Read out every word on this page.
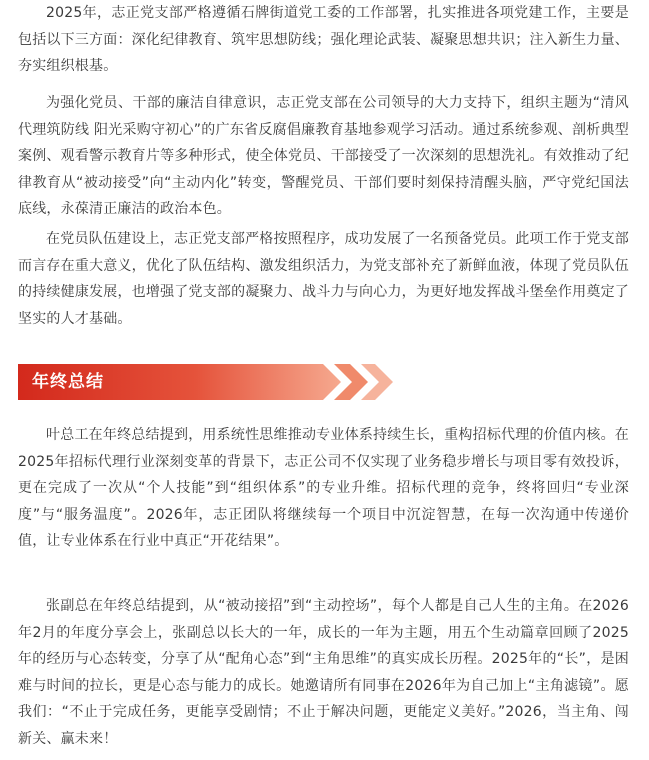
2025年，志正党支部严格遵循石牌街道党工委的工作部署，扎实推进各项党建工作，主要是包括以下三方面：深化纪律教育、筑牢思想防线；强化理论武装、凝聚思想共识；注入新生力量、夯实组织根基。

为强化党员、干部的廉洁自律意识，志正党支部在公司领导的大力支持下，组织主题为“清风代理筑防线 阳光采购守初心”的广东省反腐倡廉教育基地参观学习活动。通过系统参观、剖析典型案例、观看警示教育片等多种形式，使全体党员、干部接受了一次深刻的思想洗礼。有效推动了纪律教育从“被动接受”向“主动内化”转变，警醒党员、干部们要时刻保持清醒头脑，严守党纪国法底线，永葆清正廉洁的政治本色。

在党员队伍建设上，志正党支部严格按照程序，成功发展了一名预备党员。此项工作于党支部而言存在重大意义，优化了队伍结构、激发组织活力，为党支部补充了新鲜血液，体现了党员队伍的持续健康发展，也增强了党支部的凝聚力、战斗力与向心力，为更好地发挥战斗堡垒作用奠定了坚实的人才基础。

年终总结

叶总工在年终总结提到，用系统性思维推动专业体系持续生长，重构招标代理的价值内核。在2025年招标代理行业深刻变革的背景下，志正公司不仅实现了业务稳步增长与项目零有效投诉，更在完成了一次从“个人技能”到“组织体系”的专业升维。招标代理的竞争，终将回归“专业深度”与“服务温度”。2026年，志正团队将继续每一个项目中沉淀智慧，在每一次沟通中传递价值，让专业体系在行业中真正“开花结果”。

张副总在年终总结提到，从“被动接招”到“主动控场”，每个人都是自己人生的主角。在2026年2月的年度分享会上，张副总以长大的一年，成长的一年为主题，用五个生动篇章回顾了2025年的经历与心态转变，分享了从“配角心态”到“主角思维”的真实成长历程。2025年的“长”，是困难与时间的拉长，更是心态与能力的成长。她邀请所有同事在2026年为自己加上“主角滤镜”。愿我们：“不止于完成任务，更能享受剧情；不止于解决问题，更能定义美好。”2026，当主角、闯新关、赢未来！
